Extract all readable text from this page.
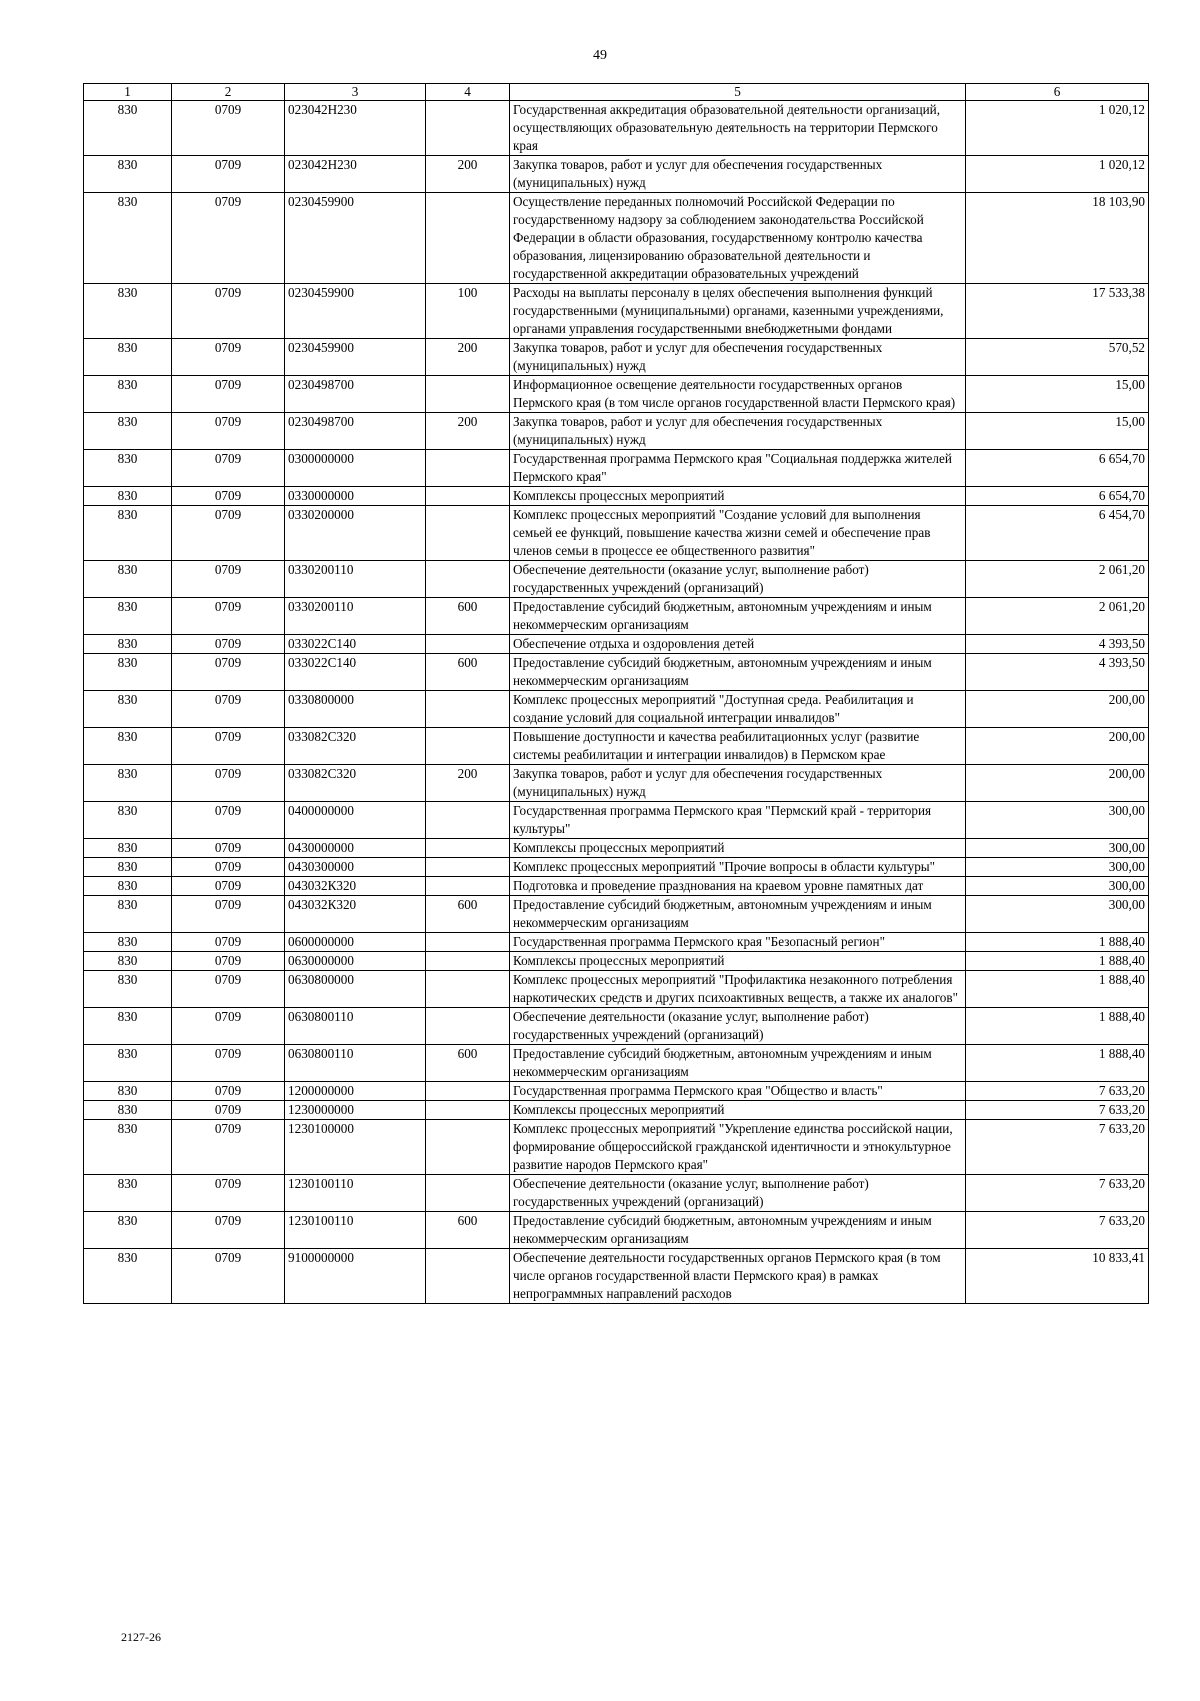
49
1	2	3	4	5	6
830	0709	023042Н230		Государственная аккредитация образовательной деятельности организаций, осуществляющих образовательную деятельность на территории Пермского края	1 020,12
830	0709	023042Н230	200	Закупка товаров, работ и услуг для обеспечения государственных (муниципальных) нужд	1 020,12
830	0709	0230459900		Осуществление переданных полномочий Российской Федерации по государственному надзору за соблюдением законодательства Российской Федерации в области образования, государственному контролю качества образования, лицензированию образовательной деятельности и государственной аккредитации образовательных учреждений	18 103,90
830	0709	0230459900	100	Расходы на выплаты персоналу в целях обеспечения выполнения функций государственными (муниципальными) органами, казенными учреждениями, органами управления государственными внебюджетными фондами	17 533,38
830	0709	0230459900	200	Закупка товаров, работ и услуг для обеспечения государственных (муниципальных) нужд	570,52
830	0709	0230498700		Информационное освещение деятельности государственных органов Пермского края (в том числе органов государственной власти Пермского края)	15,00
830	0709	0230498700	200	Закупка товаров, работ и услуг для обеспечения государственных (муниципальных) нужд	15,00
830	0709	0300000000		Государственная программа Пермского края "Социальная поддержка жителей Пермского края"	6 654,70
830	0709	0330000000		Комплексы процессных мероприятий	6 654,70
830	0709	0330200000		Комплекс процессных мероприятий "Создание условий для выполнения семьей ее функций, повышение качества жизни семей и обеспечение прав членов семьи в процессе ее общественного развития"	6 454,70
830	0709	0330200110		Обеспечение деятельности (оказание услуг, выполнение работ) государственных учреждений (организаций)	2 061,20
830	0709	0330200110	600	Предоставление субсидий бюджетным, автономным учреждениям и иным некоммерческим организациям	2 061,20
830	0709	033022С140		Обеспечение отдыха и оздоровления детей	4 393,50
830	0709	033022С140	600	Предоставление субсидий бюджетным, автономным учреждениям и иным некоммерческим организациям	4 393,50
830	0709	0330800000		Комплекс процессных мероприятий "Доступная среда. Реабилитация и создание условий для социальной интеграции инвалидов"	200,00
830	0709	033082С320		Повышение доступности и качества реабилитационных услуг (развитие системы реабилитации и интеграции инвалидов) в Пермском крае	200,00
830	0709	033082С320	200	Закупка товаров, работ и услуг для обеспечения государственных (муниципальных) нужд	200,00
830	0709	0400000000		Государственная программа Пермского края "Пермский край - территория культуры"	300,00
830	0709	0430000000		Комплексы процессных мероприятий	300,00
830	0709	0430300000		Комплекс процессных мероприятий "Прочие вопросы в области культуры"	300,00
830	0709	043032К320		Подготовка и проведение празднования на краевом уровне памятных дат	300,00
830	0709	043032К320	600	Предоставление субсидий бюджетным, автономным учреждениям и иным некоммерческим организациям	300,00
830	0709	0600000000		Государственная программа Пермского края "Безопасный регион"	1 888,40
830	0709	0630000000		Комплексы процессных мероприятий	1 888,40
830	0709	0630800000		Комплекс процессных мероприятий "Профилактика незаконного потребления наркотических средств и других психоактивных веществ, а также их аналогов"	1 888,40
830	0709	0630800110		Обеспечение деятельности (оказание услуг, выполнение работ) государственных учреждений (организаций)	1 888,40
830	0709	0630800110	600	Предоставление субсидий бюджетным, автономным учреждениям и иным некоммерческим организациям	1 888,40
830	0709	1200000000		Государственная программа Пермского края "Общество и власть"	7 633,20
830	0709	1230000000		Комплексы процессных мероприятий	7 633,20
830	0709	1230100000		Комплекс процессных мероприятий "Укрепление единства российской нации, формирование общероссийской гражданской идентичности и этнокультурное развитие народов Пермского края"	7 633,20
830	0709	1230100110		Обеспечение деятельности (оказание услуг, выполнение работ) государственных учреждений (организаций)	7 633,20
830	0709	1230100110	600	Предоставление субсидий бюджетным, автономным учреждениям и иным некоммерческим организациям	7 633,20
830	0709	9100000000		Обеспечение деятельности государственных органов Пермского края (в том числе органов государственной власти Пермского края) в рамках непрограммных направлений расходов	10 833,41
2127-26
